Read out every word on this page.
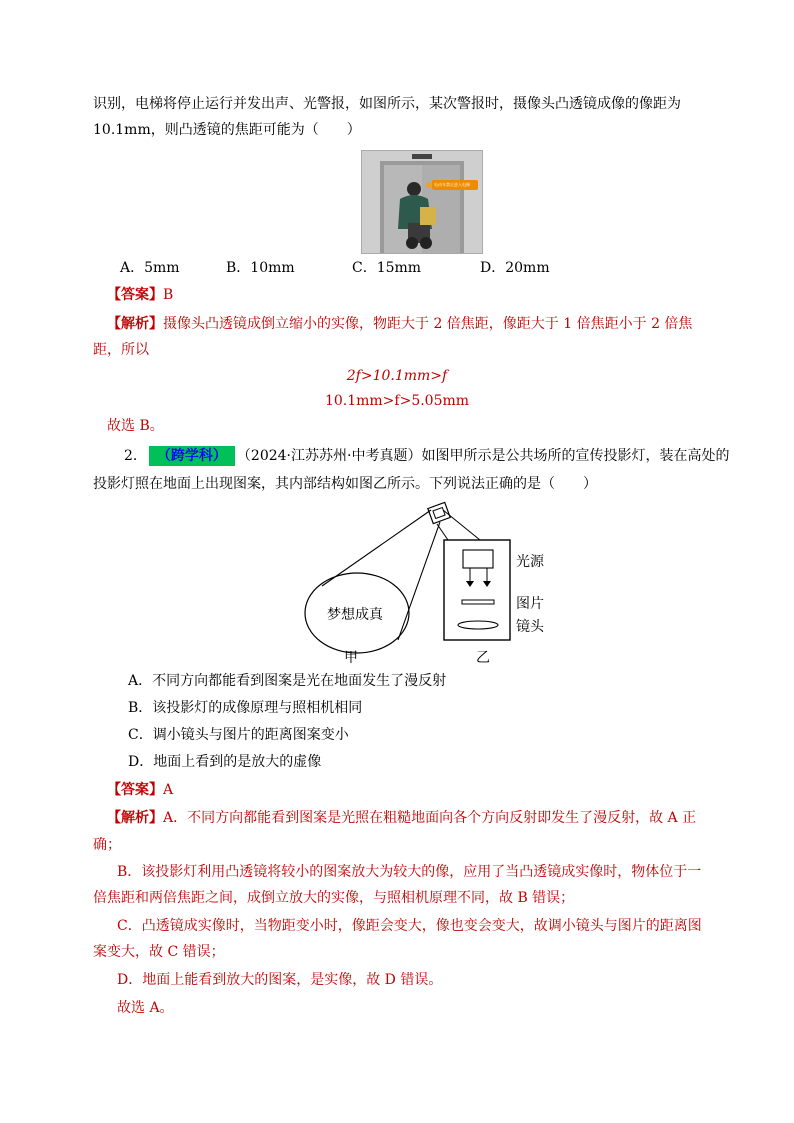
识别，电梯将停止运行并发出声、光警报，如图所示，某次警报时，摄像头凸透镜成像的像距为
10.1mm，则凸透镜的焦距可能为（　　）
电动车禁止进入电梯
A．5mm	B．10mm	C．15mm	D．20mm
【答案】B
【解析】摄像头凸透镜成倒立缩小的实像，物距大于 2 倍焦距，像距大于 1 倍焦距小于 2 倍焦
距，所以
2f>10.1mm>f
10.1mm>f>5.05mm
故选 B。
2． （跨学科） （2024·江苏苏州·中考真题）如图甲所示是公共场所的宣传投影灯，装在高处的
投影灯照在地面上出现图案，其内部结构如图乙所示。下列说法正确的是（　　）
梦想成真
光源
图片
镜头
甲	乙
A．不同方向都能看到图案是光在地面发生了漫反射
B．该投影灯的成像原理与照相机相同
C．调小镜头与图片的距离图案变小
D．地面上看到的是放大的虚像
【答案】A
【解析】A．不同方向都能看到图案是光照在粗糙地面向各个方向反射即发生了漫反射，故 A 正
确；
B．该投影灯利用凸透镜将较小的图案放大为较大的像，应用了当凸透镜成实像时，物体位于一
倍焦距和两倍焦距之间，成倒立放大的实像，与照相机原理不同，故 B 错误；
C．凸透镜成实像时，当物距变小时，像距会变大，像也变会变大，故调小镜头与图片的距离图
案变大，故 C 错误；
D．地面上能看到放大的图案，是实像，故 D 错误。
故选 A。
